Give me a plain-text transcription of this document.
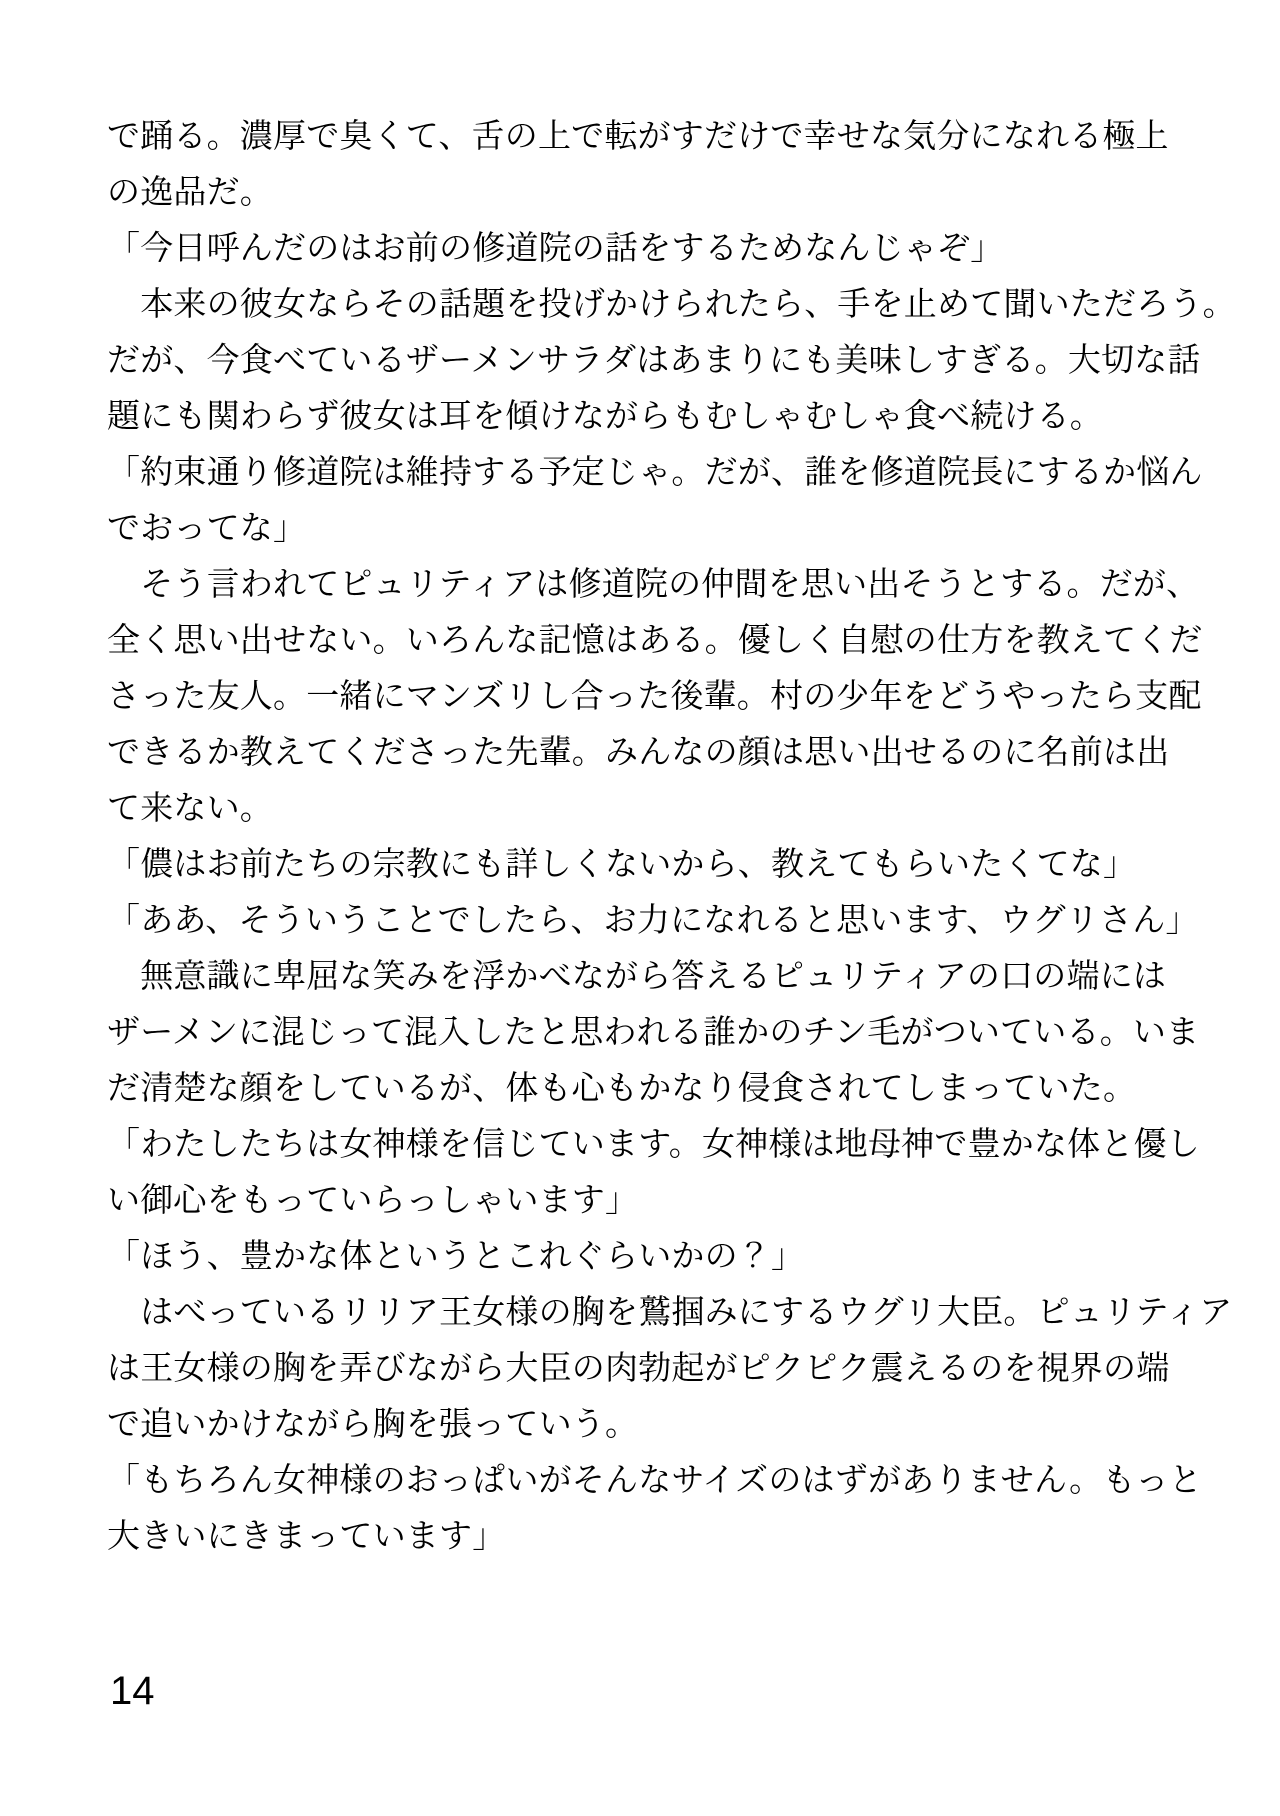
で踊る。濃厚で臭くて、舌の上で転がすだけで幸せな気分になれる極上
の逸品だ。
「今日呼んだのはお前の修道院の話をするためなんじゃぞ」
　本来の彼女ならその話題を投げかけられたら、手を止めて聞いただろう。
だが、今食べているザーメンサラダはあまりにも美味しすぎる。大切な話
題にも関わらず彼女は耳を傾けながらもむしゃむしゃ食べ続ける。
「約束通り修道院は維持する予定じゃ。だが、誰を修道院長にするか悩ん
でおってな」
　そう言われてピュリティアは修道院の仲間を思い出そうとする。だが、
全く思い出せない。いろんな記憶はある。優しく自慰の仕方を教えてくだ
さった友人。一緒にマンズリし合った後輩。村の少年をどうやったら支配
できるか教えてくださった先輩。みんなの顔は思い出せるのに名前は出
て来ない。
「儂はお前たちの宗教にも詳しくないから、教えてもらいたくてな」
「ああ、そういうことでしたら、お力になれると思います、ウグリさん」
　無意識に卑屈な笑みを浮かべながら答えるピュリティアの口の端には
ザーメンに混じって混入したと思われる誰かのチン毛がついている。いま
だ清楚な顔をしているが、体も心もかなり侵食されてしまっていた。
「わたしたちは女神様を信じています。女神様は地母神で豊かな体と優し
い御心をもっていらっしゃいます」
「ほう、豊かな体というとこれぐらいかの？」
　はべっているリリア王女様の胸を鷲掴みにするウグリ大臣。ピュリティア
は王女様の胸を弄びながら大臣の肉勃起がピクピク震えるのを視界の端
で追いかけながら胸を張っていう。
「もちろん女神様のおっぱいがそんなサイズのはずがありません。もっと
大きいにきまっています」
14
